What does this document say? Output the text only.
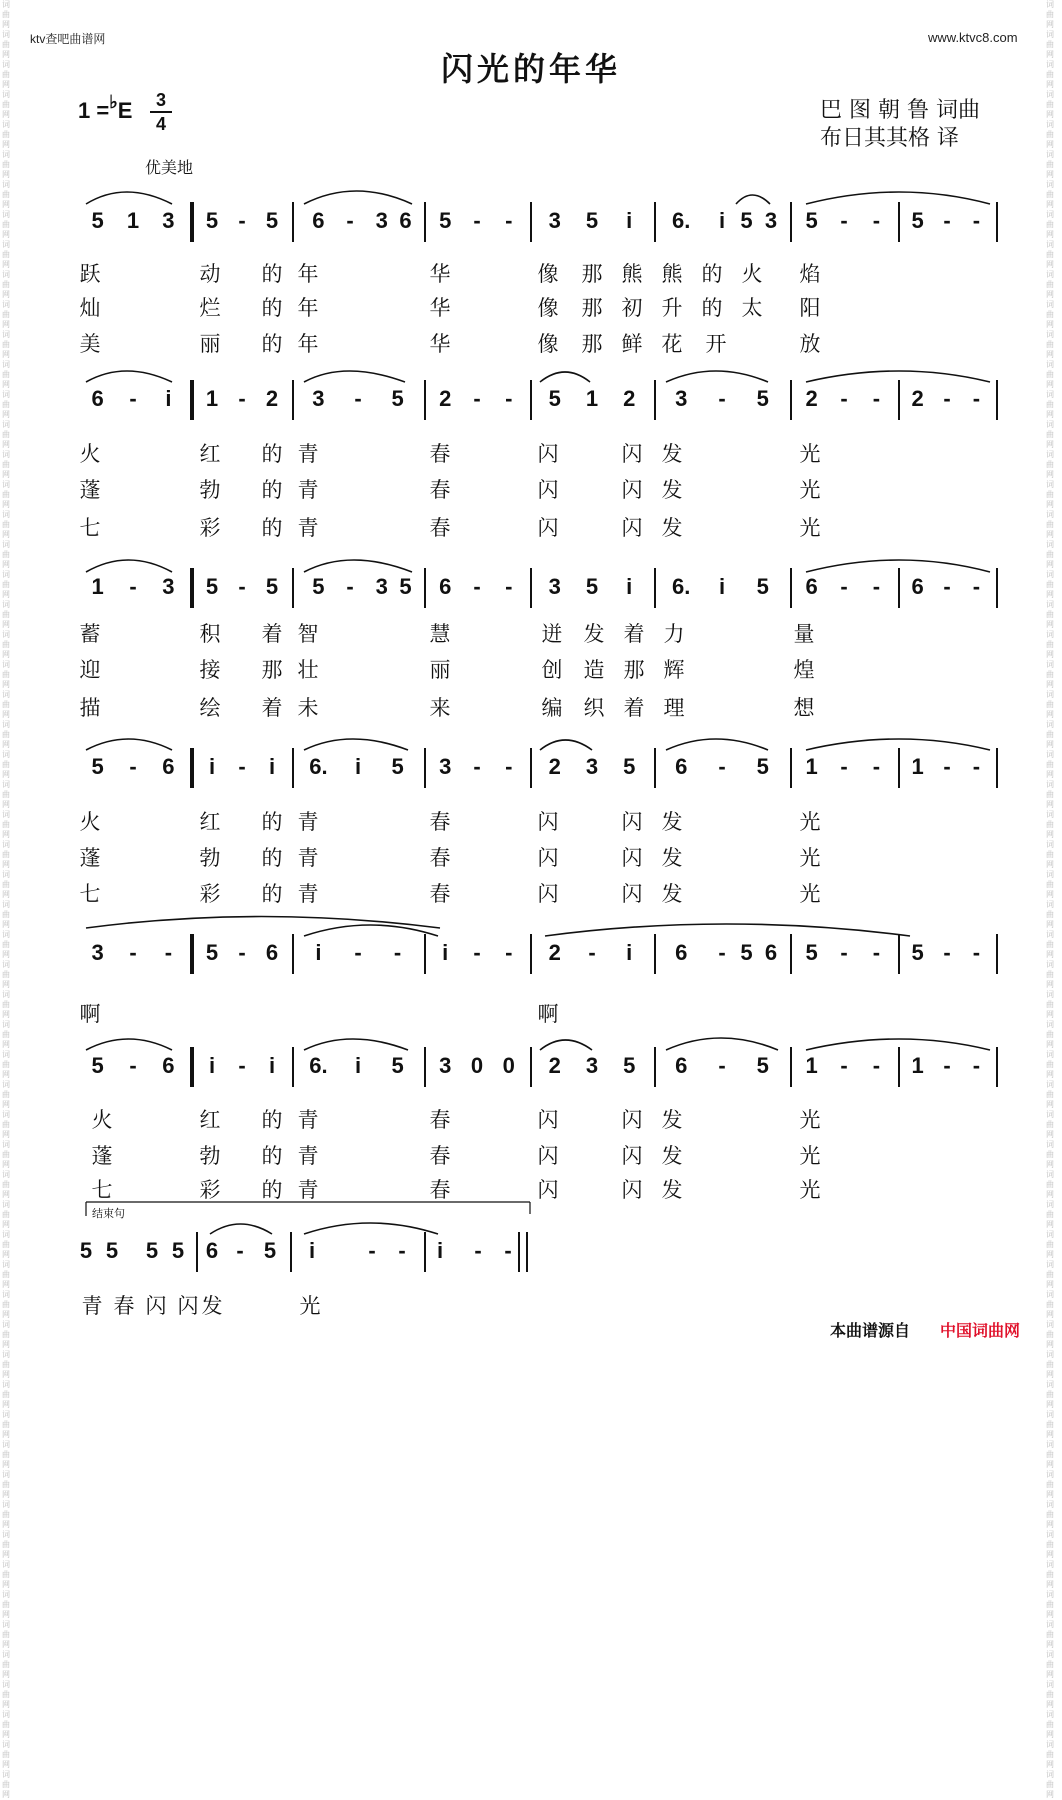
词曲网词曲网词曲网词曲网词曲网词曲网词曲网词曲网词曲网词曲网词曲网词曲网词曲网词曲网词曲网词曲网词曲网词曲网词曲网词曲网词曲网词曲网词曲网词曲网词曲网词曲网词曲网词曲网词曲网词曲网词曲网词曲网词曲网词曲网词曲网词曲网词曲网词曲网词曲网词曲网词曲网词曲网词曲网词曲网词曲网词曲网词曲网词曲网词曲网词曲网词曲网词曲网词曲网词曲网词曲网词曲网词曲网词曲网词曲网词曲网
词曲网词曲网词曲网词曲网词曲网词曲网词曲网词曲网词曲网词曲网词曲网词曲网词曲网词曲网词曲网词曲网词曲网词曲网词曲网词曲网词曲网词曲网词曲网词曲网词曲网词曲网词曲网词曲网词曲网词曲网词曲网词曲网词曲网词曲网词曲网词曲网词曲网词曲网词曲网词曲网词曲网词曲网词曲网词曲网词曲网词曲网词曲网词曲网词曲网词曲网词曲网词曲网词曲网词曲网词曲网词曲网词曲网词曲网词曲网词曲网
ktv查吧曲谱网	www.ktvc8.com
闪光的年华
1 =♭E	3
4
巴 图 朝 鲁 词曲
布日其其格 译
优美地
5 1 3 5 - 5 6 - 3 6 5 - - 3 5 i 6. i 5 3 5 - - 5 - -
跃	动 的 年	华	像 那 熊 熊 的 火 焰
灿	烂 的 年	华	像 那 初 升 的 太 阳
美	丽 的 年	华	像 那 鲜 花 开	放
6 - i 1 - 2 3 - 5 2 - - 5 1 2 3 - 5 2 - - 2 - -
火	红 的 青	春	闪	闪 发	光
蓬	勃 的 青	春	闪	闪 发	光
七	彩 的 青	春	闪	闪 发	光
1 - 3 5 - 5 5 - 3 5 6 - - 3 5 i 6. i 5 6 - - 6 - -
蓄	积 着 智	慧	迸 发 着 力	量
迎	接 那 壮	丽	创 造 那 辉	煌
描	绘 着 未	来	编 织 着 理	想
5 - 6 i - i 6. i 5 3 - - 2 3 5 6 - 5 1 - - 1 - -
火	红 的 青	春	闪	闪 发	光
蓬	勃 的 青	春	闪	闪 发	光
七	彩 的 青	春	闪	闪 发	光
3 - - 5 - 6 i - - i - - 2 - i 6 - 5 6 5 - - 5 - -
啊	啊
5 - 6 i - i 6. i 5 3 0 0 2 3 5 6 - 5 1 - - 1 - -
火	红 的 青	春	闪	闪 发	光
蓬	勃 的 青	春	闪	闪 发	光
七	彩 的 青	春	闪	闪 发	光
5 5 5 5 6 - 5 i - - i - -
青 春 闪 闪 发	光
结束句
本曲谱源自 中国词曲网
